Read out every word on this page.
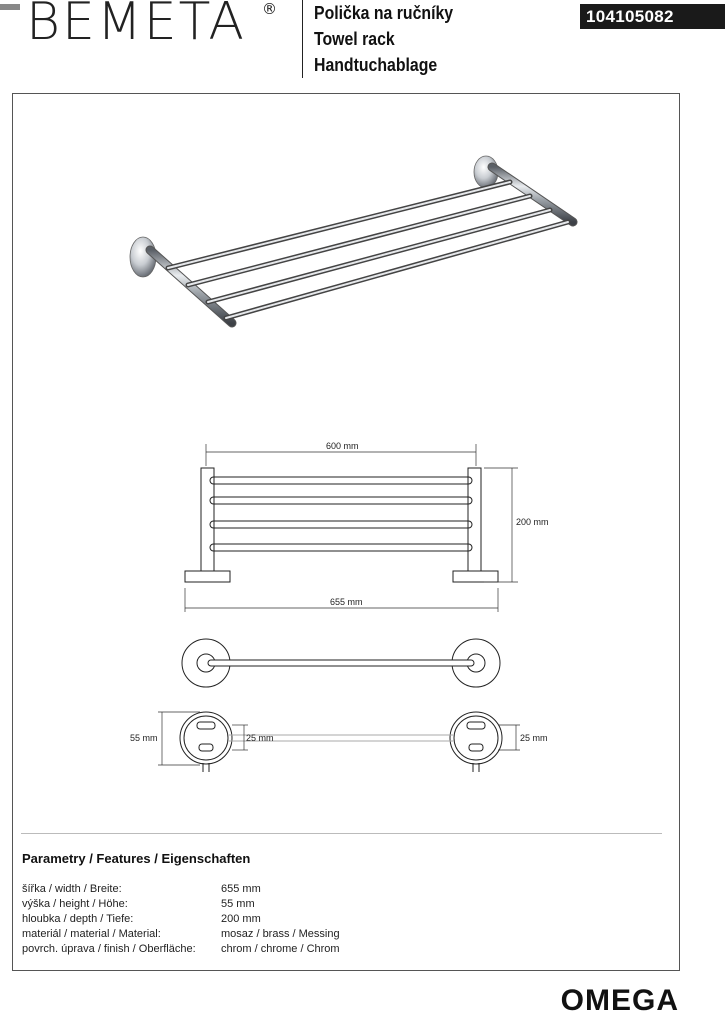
BEMETA ® Polička na ručníky
Towel rack
Handtuchablage
104105082
600 mm
655 mm
200 mm
55 mm	25 mm	25 mm
Parametry / Features / Eigenschaften
šířka / width / Breite:	655 mm
výška / height / Höhe:	55 mm
hloubka / depth / Tiefe:	200 mm
materiál / material / Material:	mosaz / brass / Messing
povrch. úprava / finish / Oberfläche: chrom / chrome / Chrom
OMEGA
